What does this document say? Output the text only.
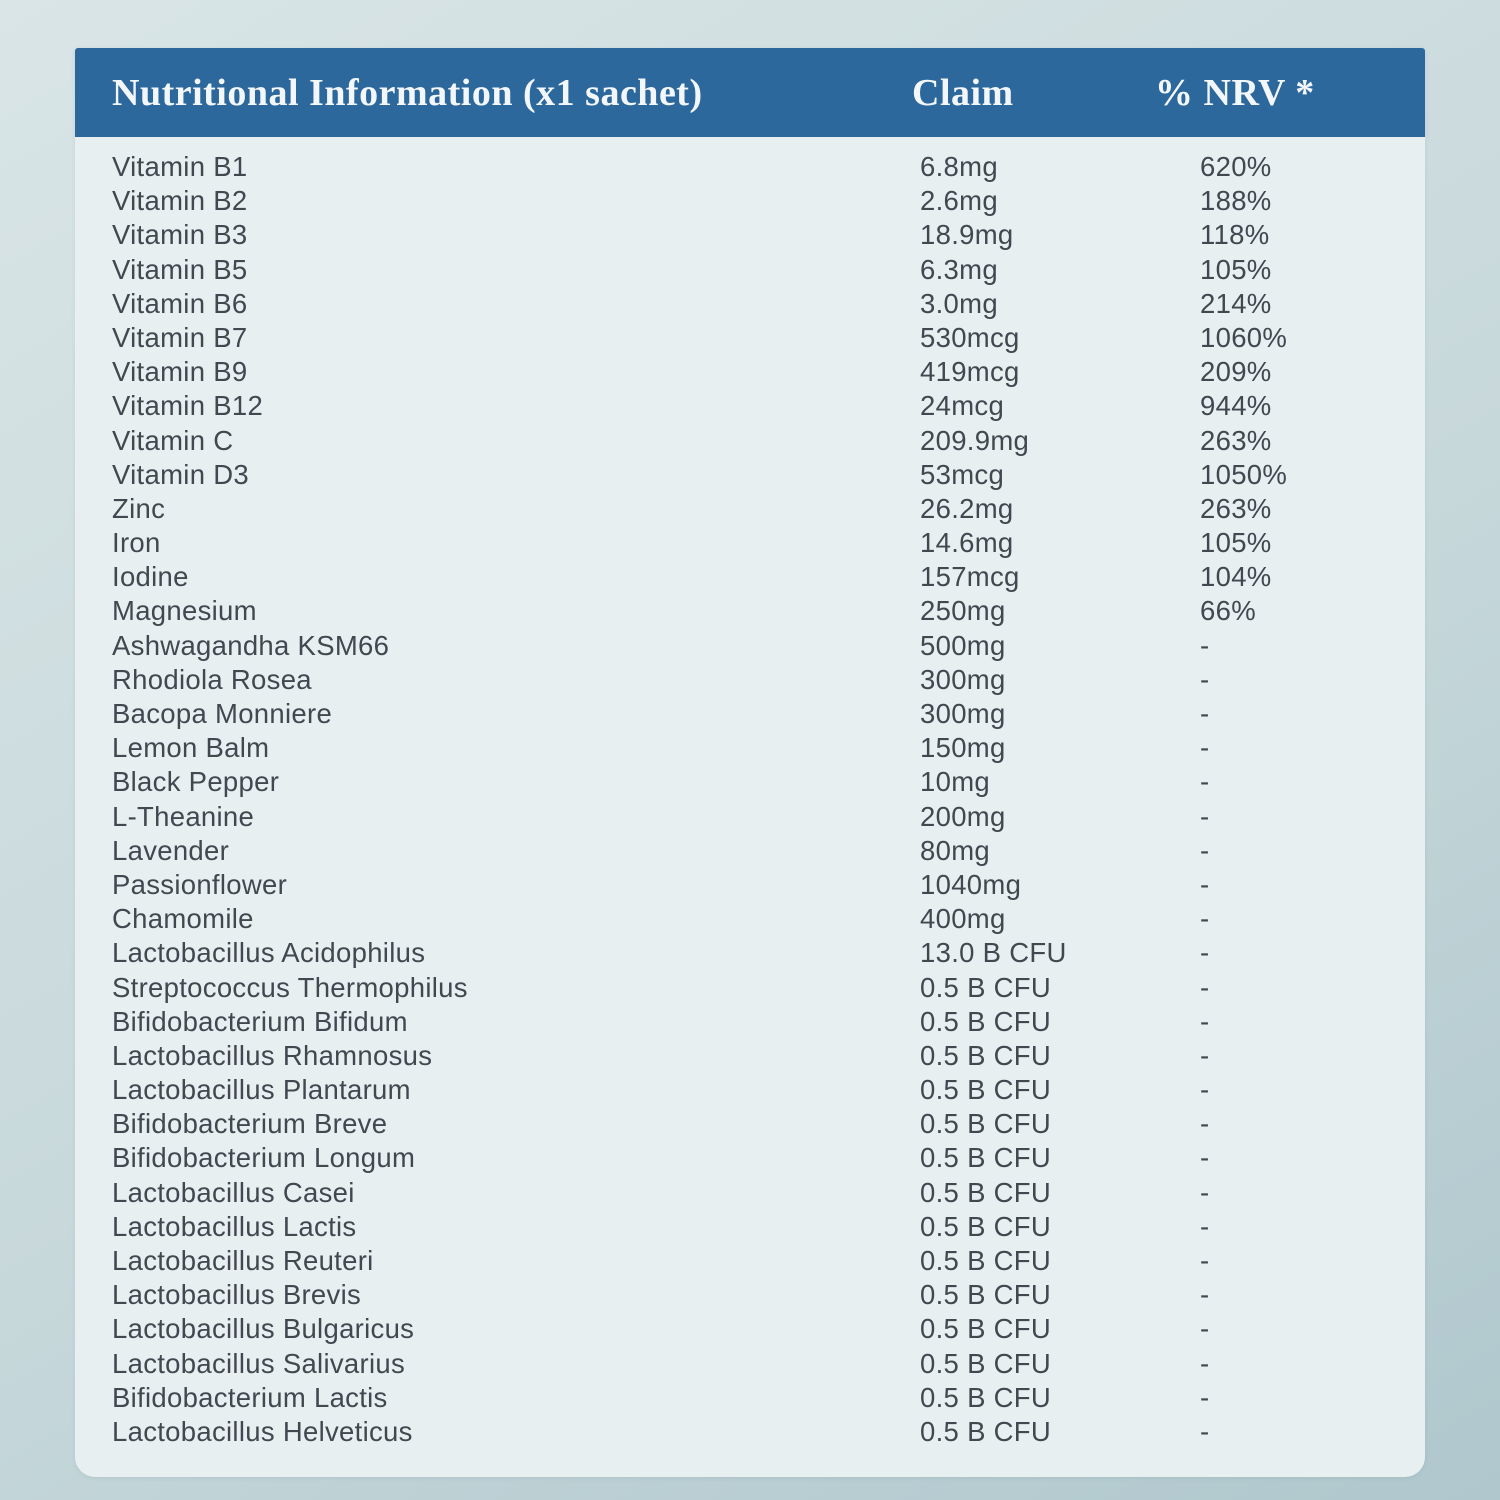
Nutritional Information (x1 sachet)	Claim	% NRV *
Vitamin B1	6.8mg	620%
Vitamin B2	2.6mg	188%
Vitamin B3	18.9mg	118%
Vitamin B5	6.3mg	105%
Vitamin B6	3.0mg	214%
Vitamin B7	530mcg	1060%
Vitamin B9	419mcg	209%
Vitamin B12	24mcg	944%
Vitamin C	209.9mg	263%
Vitamin D3	53mcg	1050%
Zinc	26.2mg	263%
Iron	14.6mg	105%
Iodine	157mcg	104%
Magnesium	250mg	66%
Ashwagandha KSM66	500mg	-
Rhodiola Rosea	300mg	-
Bacopa Monniere	300mg	-
Lemon Balm	150mg	-
Black Pepper	10mg	-
L-Theanine	200mg	-
Lavender	80mg	-
Passionflower	1040mg	-
Chamomile	400mg	-
Lactobacillus Acidophilus	13.0 B CFU	-
Streptococcus Thermophilus	0.5 B CFU	-
Bifidobacterium Bifidum	0.5 B CFU	-
Lactobacillus Rhamnosus	0.5 B CFU	-
Lactobacillus Plantarum	0.5 B CFU	-
Bifidobacterium Breve	0.5 B CFU	-
Bifidobacterium Longum	0.5 B CFU	-
Lactobacillus Casei	0.5 B CFU	-
Lactobacillus Lactis	0.5 B CFU	-
Lactobacillus Reuteri	0.5 B CFU	-
Lactobacillus Brevis	0.5 B CFU	-
Lactobacillus Bulgaricus	0.5 B CFU	-
Lactobacillus Salivarius	0.5 B CFU	-
Bifidobacterium Lactis	0.5 B CFU	-
Lactobacillus Helveticus	0.5 B CFU	-
